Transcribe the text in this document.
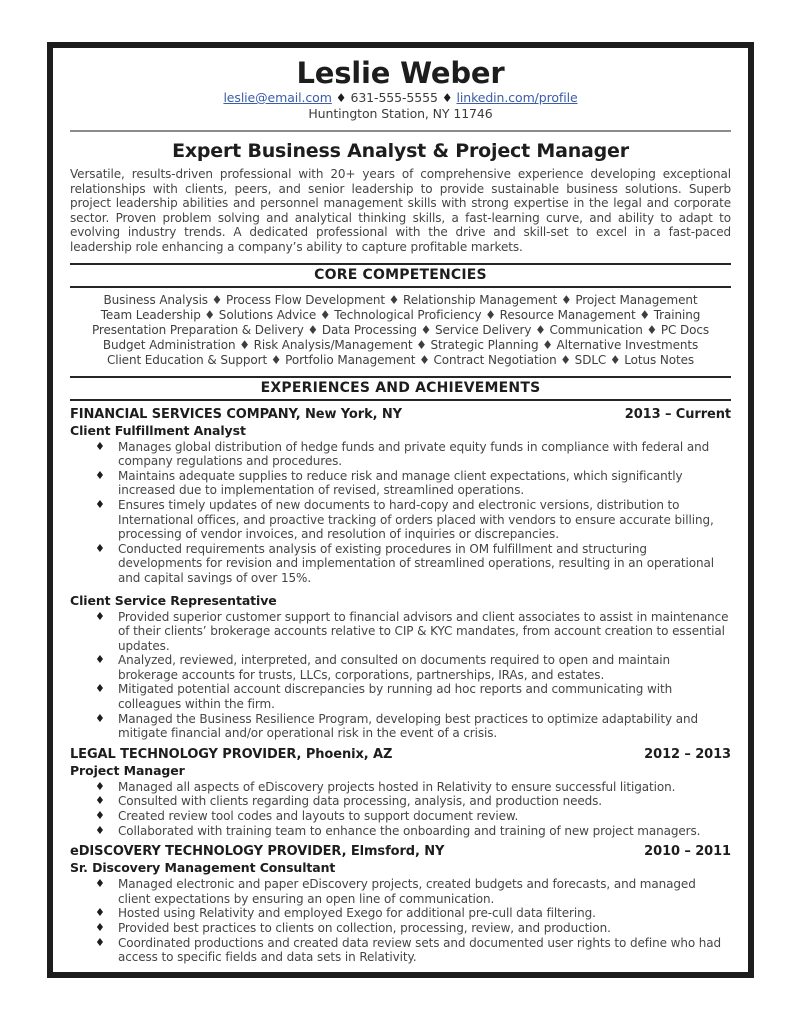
Leslie Weber
leslie@email.com ♦ 631-555-5555 ♦ linkedin.com/profile
Huntington Station, NY 11746
Expert Business Analyst & Project Manager

Versatile, results-driven professional with 20+ years of comprehensive experience developing exceptional relationships with clients, peers, and senior leadership to provide sustainable business solutions. Superb project leadership abilities and personnel management skills with strong expertise in the legal and corporate sector. Proven problem solving and analytical thinking skills, a fast-learning curve, and ability to adapt to evolving industry trends. A dedicated professional with the drive and skill-set to excel in a fast-paced leadership role enhancing a company’s ability to capture profitable markets.

CORE COMPETENCIES
Business Analysis ♦ Process Flow Development ♦ Relationship Management ♦ Project Management
Team Leadership ♦ Solutions Advice ♦ Technological Proficiency ♦ Resource Management ♦ Training
Presentation Preparation & Delivery ♦ Data Processing ♦ Service Delivery ♦ Communication ♦ PC Docs
Budget Administration ♦ Risk Analysis/Management ♦ Strategic Planning ♦ Alternative Investments
Client Education & Support ♦ Portfolio Management ♦ Contract Negotiation ♦ SDLC ♦ Lotus Notes
EXPERIENCES AND ACHIEVEMENTS
FINANCIAL SERVICES COMPANY, New York, NY	2013 – Current
Client Fulfillment Analyst
♦	Manages global distribution of hedge funds and private equity funds in compliance with federal and company regulations and procedures.
♦	Maintains adequate supplies to reduce risk and manage client expectations, which significantly increased due to implementation of revised, streamlined operations.
♦	Ensures timely updates of new documents to hard-copy and electronic versions, distribution to International offices, and proactive tracking of orders placed with vendors to ensure accurate billing, processing of vendor invoices, and resolution of inquiries or discrepancies.
♦	Conducted requirements analysis of existing procedures in OM fulfillment and structuring developments for revision and implementation of streamlined operations, resulting in an operational and capital savings of over 15%.
Client Service Representative
♦	Provided superior customer support to financial advisors and client associates to assist in maintenance of their clients’ brokerage accounts relative to CIP & KYC mandates, from account creation to essential updates.
♦	Analyzed, reviewed, interpreted, and consulted on documents required to open and maintain brokerage accounts for trusts, LLCs, corporations, partnerships, IRAs, and estates.
♦	Mitigated potential account discrepancies by running ad hoc reports and communicating with colleagues within the firm.
♦	Managed the Business Resilience Program, developing best practices to optimize adaptability and mitigate financial and/or operational risk in the event of a crisis.
LEGAL TECHNOLOGY PROVIDER, Phoenix, AZ	2012 – 2013
Project Manager
♦	Managed all aspects of eDiscovery projects hosted in Relativity to ensure successful litigation.
♦	Consulted with clients regarding data processing, analysis, and production needs.
♦	Created review tool codes and layouts to support document review.
♦	Collaborated with training team to enhance the onboarding and training of new project managers.
eDISCOVERY TECHNOLOGY PROVIDER, Elmsford, NY	2010 – 2011
Sr. Discovery Management Consultant
♦	Managed electronic and paper eDiscovery projects, created budgets and forecasts, and managed client expectations by ensuring an open line of communication.
♦	Hosted using Relativity and employed Exego for additional pre-cull data filtering.
♦	Provided best practices to clients on collection, processing, review, and production.
♦	Coordinated productions and created data review sets and documented user rights to define who had access to specific fields and data sets in Relativity.
